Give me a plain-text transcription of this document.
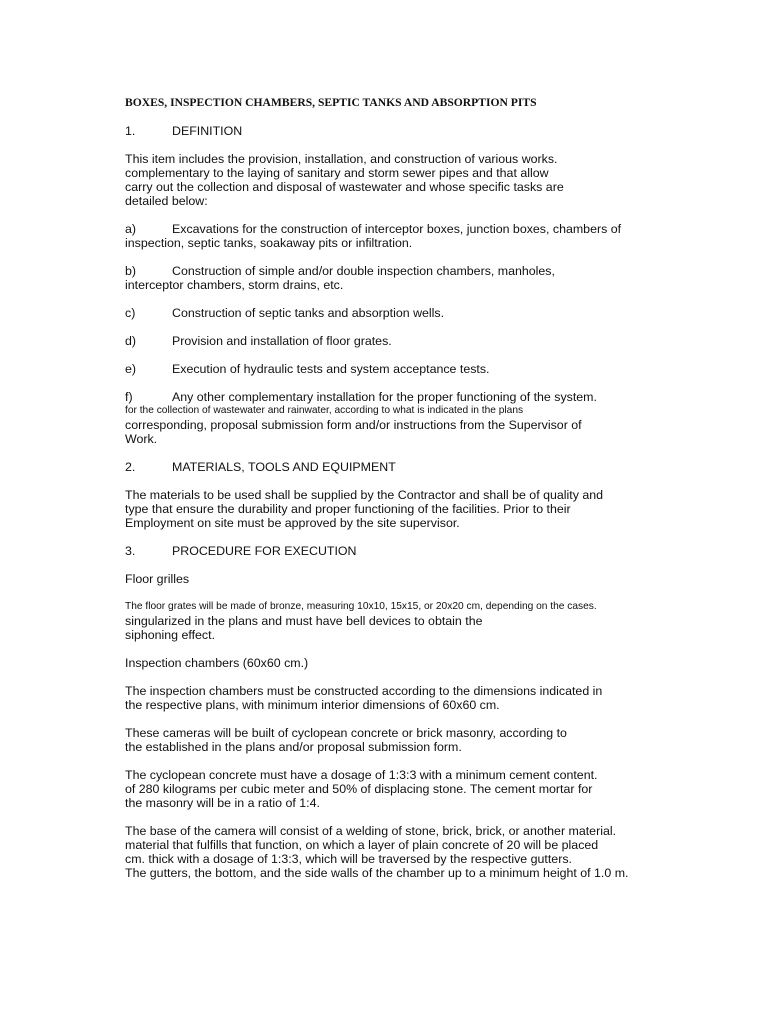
BOXES, INSPECTION CHAMBERS, SEPTIC TANKS AND ABSORPTION PITS
1.	DEFINITION
This item includes the provision, installation, and construction of various works.
complementary to the laying of sanitary and storm sewer pipes and that allow
carry out the collection and disposal of wastewater and whose specific tasks are
detailed below:
a)	Excavations for the construction of interceptor boxes, junction boxes, chambers of
inspection, septic tanks, soakaway pits or infiltration.
b)	Construction of simple and/or double inspection chambers, manholes,
interceptor chambers, storm drains, etc.
c)	Construction of septic tanks and absorption wells.
d)	Provision and installation of floor grates.
e)	Execution of hydraulic tests and system acceptance tests.
f)	Any other complementary installation for the proper functioning of the system.
for the collection of wastewater and rainwater, according to what is indicated in the plans
corresponding, proposal submission form and/or instructions from the Supervisor of
Work.
2.	MATERIALS, TOOLS AND EQUIPMENT
The materials to be used shall be supplied by the Contractor and shall be of quality and
type that ensure the durability and proper functioning of the facilities. Prior to their
Employment on site must be approved by the site supervisor.
3.	PROCEDURE FOR EXECUTION
Floor grilles
The floor grates will be made of bronze, measuring 10x10, 15x15, or 20x20 cm, depending on the cases.
singularized in the plans and must have bell devices to obtain the
siphoning effect.
Inspection chambers (60x60 cm.)
The inspection chambers must be constructed according to the dimensions indicated in
the respective plans, with minimum interior dimensions of 60x60 cm.
These cameras will be built of cyclopean concrete or brick masonry, according to
the established in the plans and/or proposal submission form.
The cyclopean concrete must have a dosage of 1:3:3 with a minimum cement content.
of 280 kilograms per cubic meter and 50% of displacing stone. The cement mortar for
the masonry will be in a ratio of 1:4.
The base of the camera will consist of a welding of stone, brick, brick, or another material.
material that fulfills that function, on which a layer of plain concrete of 20 will be placed
cm. thick with a dosage of 1:3:3, which will be traversed by the respective gutters.
The gutters, the bottom, and the side walls of the chamber up to a minimum height of 1.0 m.
